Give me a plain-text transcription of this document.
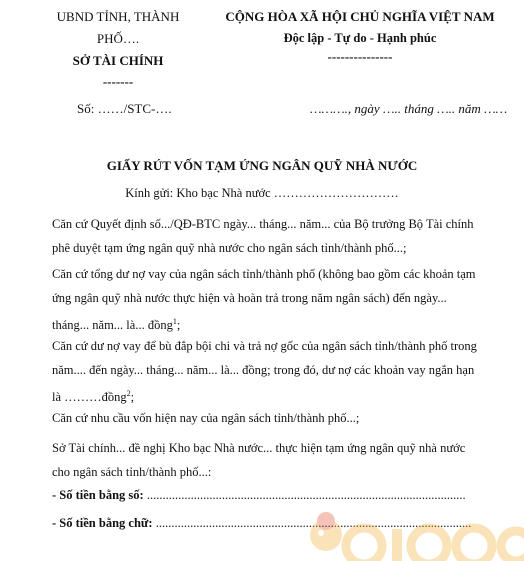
UBND TỈNH, THÀNH
PHỐ….
SỞ TÀI CHÍNH
-------
Số: ……/STC-….
CỘNG HÒA XÃ HỘI CHỦ NGHĨA VIỆT NAM
Độc lập - Tự do - Hạnh phúc
---------------
………., ngày ….. tháng ….. năm ……
GIẤY RÚT VỐN TẠM ỨNG NGÂN QUỸ NHÀ NƯỚC
Kính gửi: Kho bạc Nhà nước …………………………
Căn cứ Quyết định số.../QĐ-BTC ngày... tháng... năm... của Bộ trưởng Bộ Tài chính
phê duyệt tạm ứng ngân quỹ nhà nước cho ngân sách tỉnh/thành phố...;
Căn cứ tổng dư nợ vay của ngân sách tỉnh/thành phố (không bao gồm các khoản tạm
ứng ngân quỹ nhà nước thực hiện và hoàn trả trong năm ngân sách) đến ngày...
tháng... năm... là... đồng$^1$;
Căn cứ dư nợ vay để bù đắp bội chi và trả nợ gốc của ngân sách tỉnh/thành phố trong
năm.... đến ngày... tháng... năm... là... đồng; trong đó, dư nợ các khoản vay ngắn hạn
là ………đồng$^2$;
Căn cứ nhu cầu vốn hiện nay của ngân sách tỉnh/thành phố...;
Sở Tài chính... đề nghị Kho bạc Nhà nước... thực hiện tạm ứng ngân quỹ nhà nước
cho ngân sách tỉnh/thành phố...:
- Số tiền bằng số: ......................................................................................................
- Số tiền bằng chữ: .....................................................................................................
